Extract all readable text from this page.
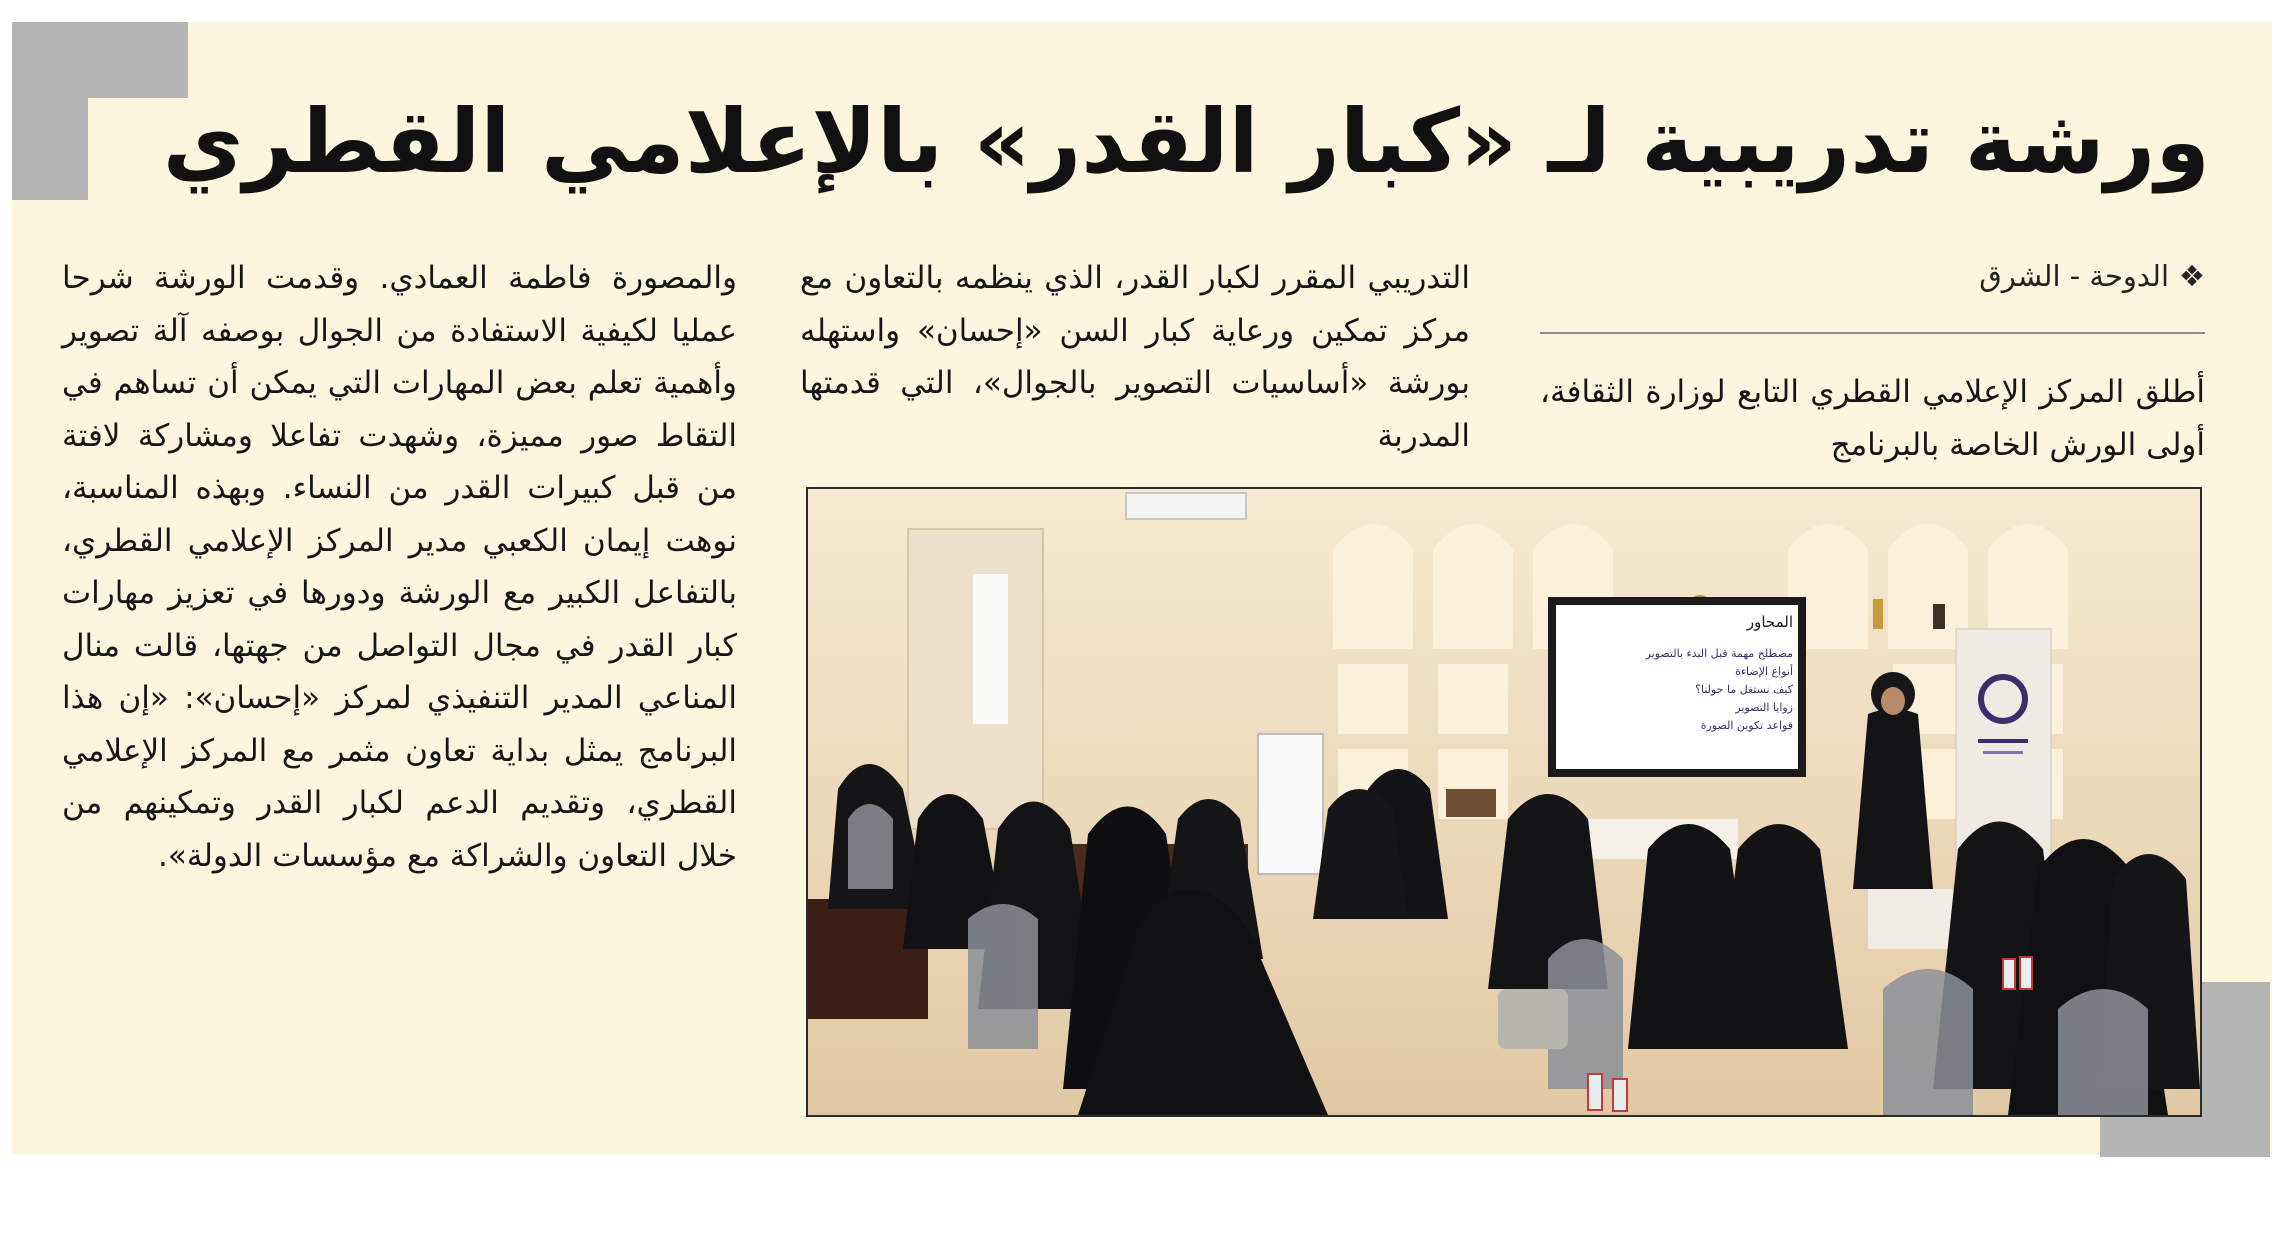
ورشة تدريبية لـ «كبار القدر» بالإعلامي القطري
❖الدوحة - الشرق

أطلق المركز الإعلامي القطري التابع لوزارة الثقافة، أولى الورش الخاصة بالبرنامج

التدريبي المقرر لكبار القدر، الذي ينظمه بالتعاون مع مركز تمكين ورعاية كبار السن «إحسان» واستهله بورشة «أساسيات التصوير بالجوال»، التي قدمتها المدربة

والمصورة فاطمة العمادي. وقدمت الورشة شرحا عمليا لكيفية الاستفادة من الجوال بوصفه آلة تصوير وأهمية تعلم بعض المهارات التي يمكن أن تساهم في التقاط صور مميزة، وشهدت تفاعلا ومشاركة لافتة من قبل كبيرات القدر من النساء. وبهذه المناسبة، نوهت إيمان الكعبي مدير المركز الإعلامي القطري، بالتفاعل الكبير مع الورشة ودورها في تعزيز مهارات كبار القدر في مجال التواصل من جهتها، قالت منال المناعي المدير التنفيذي لمركز «إحسان»: «إن هذا البرنامج يمثل بداية تعاون مثمر مع المركز الإعلامي القطري، وتقديم الدعم لكبار القدر وتمكينهم من خلال التعاون والشراكة مع مؤسسات الدولة».

المحاور
مصطلح مهمة قبل البدء بالتصوير
أنواع الإضاءة
كيف نستغل ما حولنا؟
زوايا التصوير
قواعد تكوين الصورة
